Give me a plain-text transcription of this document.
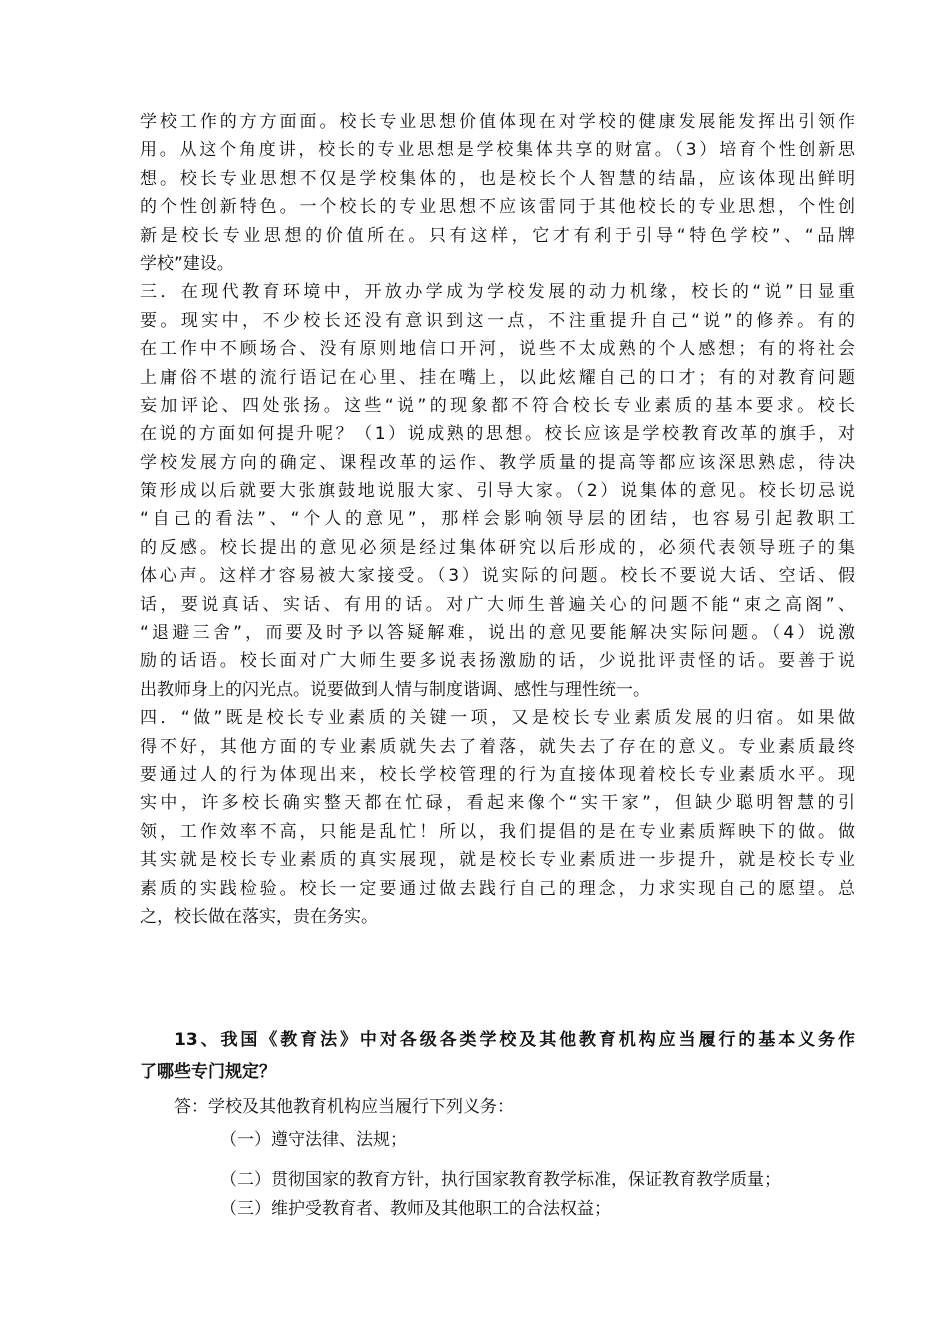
学校工作的方方面面。校长专业思想价值体现在对学校的健康发展能发挥出引领作
用。从这个角度讲，校长的专业思想是学校集体共享的财富。（3）培育个性创新思
想。校长专业思想不仅是学校集体的，也是校长个人智慧的结晶，应该体现出鲜明
的个性创新特色。一个校长的专业思想不应该雷同于其他校长的专业思想，个性创
新是校长专业思想的价值所在。只有这样，它才有利于引导“特色学校”、“品牌
学校”建设。
三．在现代教育环境中，开放办学成为学校发展的动力机缘，校长的“说”日显重
要。现实中，不少校长还没有意识到这一点，不注重提升自己“说”的修养。有的
在工作中不顾场合、没有原则地信口开河，说些不太成熟的个人感想；有的将社会
上庸俗不堪的流行语记在心里、挂在嘴上，以此炫耀自己的口才；有的对教育问题
妄加评论、四处张扬。这些“说”的现象都不符合校长专业素质的基本要求。校长
在说的方面如何提升呢？（1）说成熟的思想。校长应该是学校教育改革的旗手，对
学校发展方向的确定、课程改革的运作、教学质量的提高等都应该深思熟虑，待决
策形成以后就要大张旗鼓地说服大家、引导大家。（2）说集体的意见。校长切忌说
“自己的看法”、“个人的意见”，那样会影响领导层的团结，也容易引起教职工
的反感。校长提出的意见必须是经过集体研究以后形成的，必须代表领导班子的集
体心声。这样才容易被大家接受。（3）说实际的问题。校长不要说大话、空话、假
话，要说真话、实话、有用的话。对广大师生普遍关心的问题不能“束之高阁”、
“退避三舍”，而要及时予以答疑解难，说出的意见要能解决实际问题。（4）说激
励的话语。校长面对广大师生要多说表扬激励的话，少说批评责怪的话。要善于说
出教师身上的闪光点。说要做到人情与制度谐调、感性与理性统一。
四．“做”既是校长专业素质的关键一项，又是校长专业素质发展的归宿。如果做
得不好，其他方面的专业素质就失去了着落，就失去了存在的意义。专业素质最终
要通过人的行为体现出来，校长学校管理的行为直接体现着校长专业素质水平。现
实中，许多校长确实整天都在忙碌，看起来像个“实干家”，但缺少聪明智慧的引
领，工作效率不高，只能是乱忙！所以，我们提倡的是在专业素质辉映下的做。做
其实就是校长专业素质的真实展现，就是校长专业素质进一步提升，就是校长专业
素质的实践检验。校长一定要通过做去践行自己的理念，力求实现自己的愿望。总
之，校长做在落实，贵在务实。
13、我国《教育法》中对各级各类学校及其他教育机构应当履行的基本义务作
了哪些专门规定？
答：学校及其他教育机构应当履行下列义务：
（一）遵守法律、法规；
（二）贯彻国家的教育方针，执行国家教育教学标准，保证教育教学质量；
（三）维护受教育者、教师及其他职工的合法权益；
